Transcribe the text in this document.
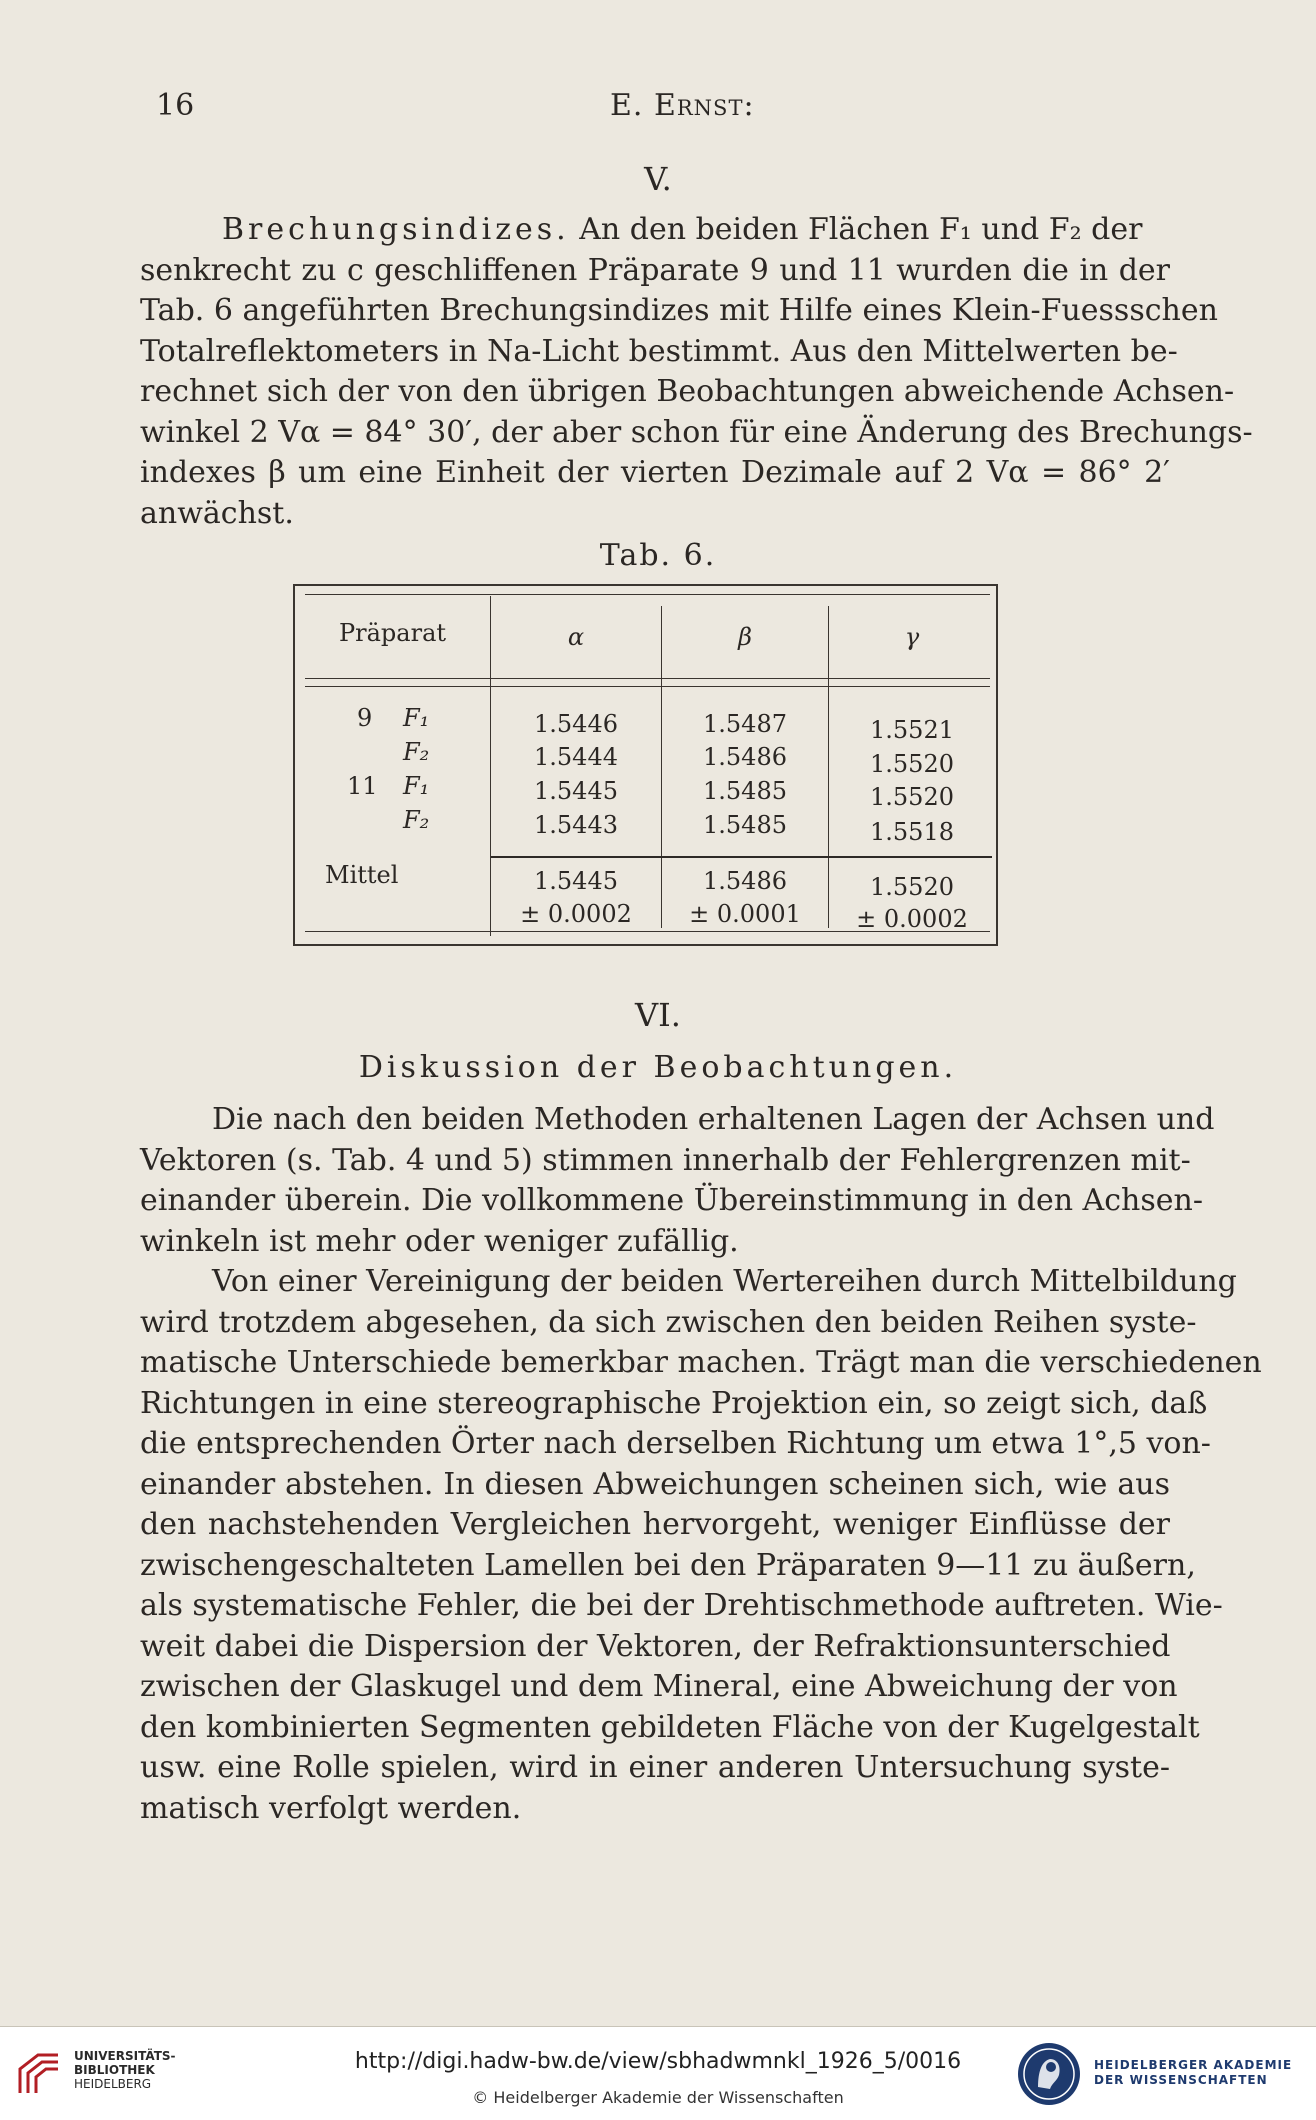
16	E. Ernst:
V.
Brechungsindizes. An den beiden Flächen F₁ und F₂ der
senkrecht zu c geschliffenen Präparate 9 und 11 wurden die in der
Tab. 6 angeführten Brechungsindizes mit Hilfe eines Klein-Fuessschen
Totalreflektometers in Na-Licht bestimmt. Aus den Mittelwerten be-
rechnet sich der von den übrigen Beobachtungen abweichende Achsen-
winkel 2 Vα = 84° 30′, der aber schon für eine Änderung des Brechungs-
indexes β um eine Einheit der vierten Dezimale auf 2 Vα = 86° 2′
anwächst.
Tab. 6.
Präparat	α	β	γ
9 F₁	1.5446	1.5487	1.5521
F₂	1.5444	1.5486	1.5520
11 F₁	1.5445	1.5485	1.5520
F₂	1.5443	1.5485	1.5518
Mittel	1.5445	1.5486	1.5520
± 0.0002	± 0.0001	± 0.0002
VI.
Diskussion der Beobachtungen.
Die nach den beiden Methoden erhaltenen Lagen der Achsen und
Vektoren (s. Tab. 4 und 5) stimmen innerhalb der Fehlergrenzen mit-
einander überein. Die vollkommene Übereinstimmung in den Achsen-
winkeln ist mehr oder weniger zufällig.
Von einer Vereinigung der beiden Wertereihen durch Mittelbildung
wird trotzdem abgesehen, da sich zwischen den beiden Reihen syste-
matische Unterschiede bemerkbar machen. Trägt man die verschiedenen
Richtungen in eine stereographische Projektion ein, so zeigt sich, daß
die entsprechenden Örter nach derselben Richtung um etwa 1°,5 von-
einander abstehen. In diesen Abweichungen scheinen sich, wie aus
den nachstehenden Vergleichen hervorgeht, weniger Einflüsse der
zwischengeschalteten Lamellen bei den Präparaten 9—11 zu äußern,
als systematische Fehler, die bei der Drehtischmethode auftreten. Wie-
weit dabei die Dispersion der Vektoren, der Refraktionsunterschied
zwischen der Glaskugel und dem Mineral, eine Abweichung der von
den kombinierten Segmenten gebildeten Fläche von der Kugelgestalt
usw. eine Rolle spielen, wird in einer anderen Untersuchung syste-
matisch verfolgt werden.
UNIVERSITÄTS-
BIBLIOTHEK
HEIDELBERG
http://digi.hadw-bw.de/view/sbhadwmnkl_1926_5/0016
© Heidelberger Akademie der Wissenschaften
HEIDELBERGER AKADEMIE
DER WISSENSCHAFTEN
